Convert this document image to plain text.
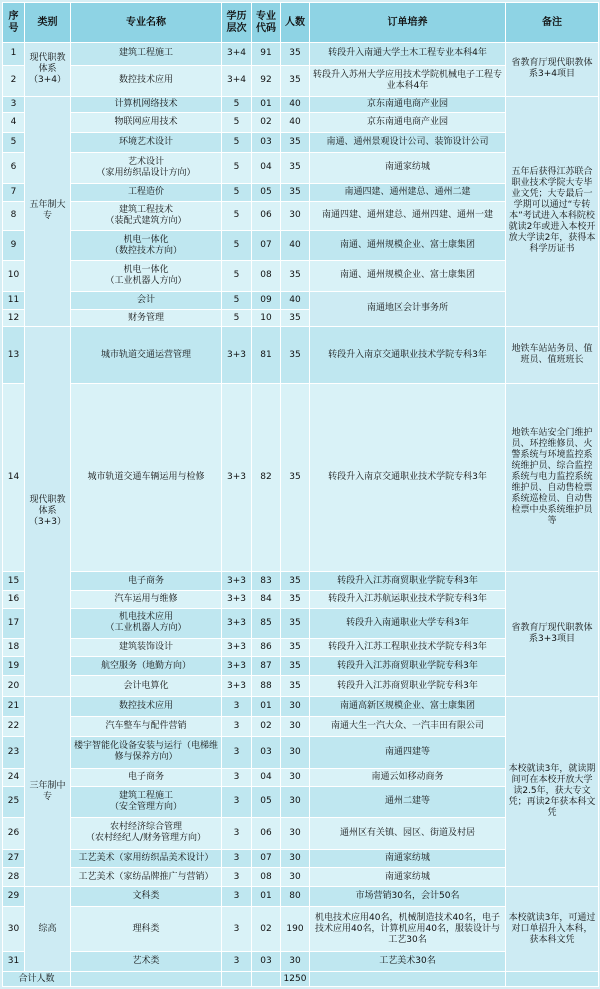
序号	类别	专业名称	学历层次	专业代码	人数	订单培养	备注
1	现代职教体系（3+4）	建筑工程施工	3+4	91	35	转段升入南通大学土木工程专业本科4年	省教育厅现代职教体系3+4项目
2		数控技术应用	3+4	92	35	转段升入苏州大学应用技术学院机械电子工程专业本科4年	
3	五年制大专	计算机网络技术	5	01	40	京东南通电商产业园	五年后获得江苏联合职业技术学院大专毕业文凭；大专最后一学期可以通过“专转本”考试进入本科院校就读2年或进入本校开放大学读2年，获得本科学历证书
4		物联网应用技术	5	02	40	京东南通电商产业园	
5		环境艺术设计	5	03	35	南通、通州景观设计公司、装饰设计公司	
6		艺术设计
（家用纺织品设计方向）	5	04	35	南通家纺城	
7		工程造价	5	05	35	南通四建、通州建总、通州二建	
8		建筑工程技术
（装配式建筑方向）	5	06	30	南通四建、通州建总、通州四建、通州一建	
9		机电一体化
（数控技术方向）	5	07	40	南通、通州规模企业、富士康集团	
10		机电一体化
（工业机器人方向）	5	08	35	南通、通州规模企业、富士康集团	
11		会计	5	09	40	南通地区会计事务所	
12		财务管理	5	10	35		
13	现代职教体系（3+3）	城市轨道交通运营管理	3+3	81	35	转段升入南京交通职业技术学院专科3年	地铁车站站务员、值班员、值班班长
14		城市轨道交通车辆运用与检修	3+3	82	35	转段升入南京交通职业技术学院专科3年	地铁车站安全门维护员、环控维修员、火警系统与环境监控系统维护员、综合监控系统与电力监控系统维护员、自动售检票系统巡检员、自动售检票中央系统维护员等
15		电子商务	3+3	83	35	转段升入江苏商贸职业学院专科3年	省教育厅现代职教体系3+3项目
16		汽车运用与维修	3+3	84	35	转段升入江苏航运职业技术学院专科3年	
17		机电技术应用
（工业机器人方向）	3+3	85	35	转段升入南通职业大学专科3年	
18		建筑装饰设计	3+3	86	35	转段升入江苏工程职业技术学院专科3年	
19		航空服务（地勤方向）	3+3	87	35	转段升入江苏商贸职业学院专科3年	
20		会计电算化	3+3	88	35	转段升入江苏商贸职业学院专科3年	
21	三年制中专	数控技术应用	3	01	30	南通高新区规模企业、富士康集团	本校就读3年，就读期间可在本校开放大学读2.5年，获大专文凭；再读2年获本科文凭
22		汽车整车与配件营销	3	02	30	南通大生一汽大众、一汽丰田有限公司	
23		楼宇智能化设备安装与运行（电梯维修与保养方向）	3	03	30	南通四建等	
24		电子商务	3	04	30	南通云如移动商务	
25		建筑工程施工
（安全管理方向）	3	05	30	通州二建等	
26		农村经济综合管理
（农村经纪人/财务管理方向）	3	06	30	通州区有关镇、园区、街道及村居	
27		工艺美术（家用纺织品美术设计）	3	07	30	南通家纺城	
28		工艺美术（家纺品牌推广与营销）	3	08	30	南通家纺城	
29	综高	文科类	3	01	80	市场营销30名，会计50名	本校就读3年，可通过对口单招升入本科，获本科文凭
30		理科类	3	02	190	机电技术应用40名，机械制造技术40名，电子技术应用40名，计算机应用40名，服装设计与工艺30名	
31		艺术类	3	03	30	工艺美术30名	
合计人数					1250		
